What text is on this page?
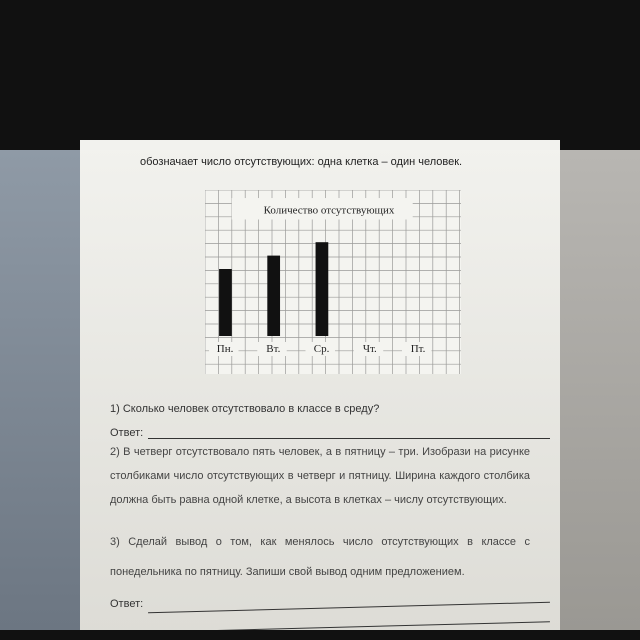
обозначает число отсутствующих: одна клетка – один человек.
Количество отсутствующих
Пн.	Вт.	Ср.	Чт.	Пт.
1) Сколько человек отсутствовало в классе в среду?
Ответ:
2) В четверг отсутствовало пять человек, а в пятницу – три. Изобрази на рисунке столбиками число отсутствующих в четверг и пятницу. Ширина каждого столбика должна быть равна одной клетке, а высота в клетках – числу отсутствующих.
3) Сделай вывод о том, как менялось число отсутствующих в классе с понедельника по пятницу. Запиши свой вывод одним предложением.
Ответ:
